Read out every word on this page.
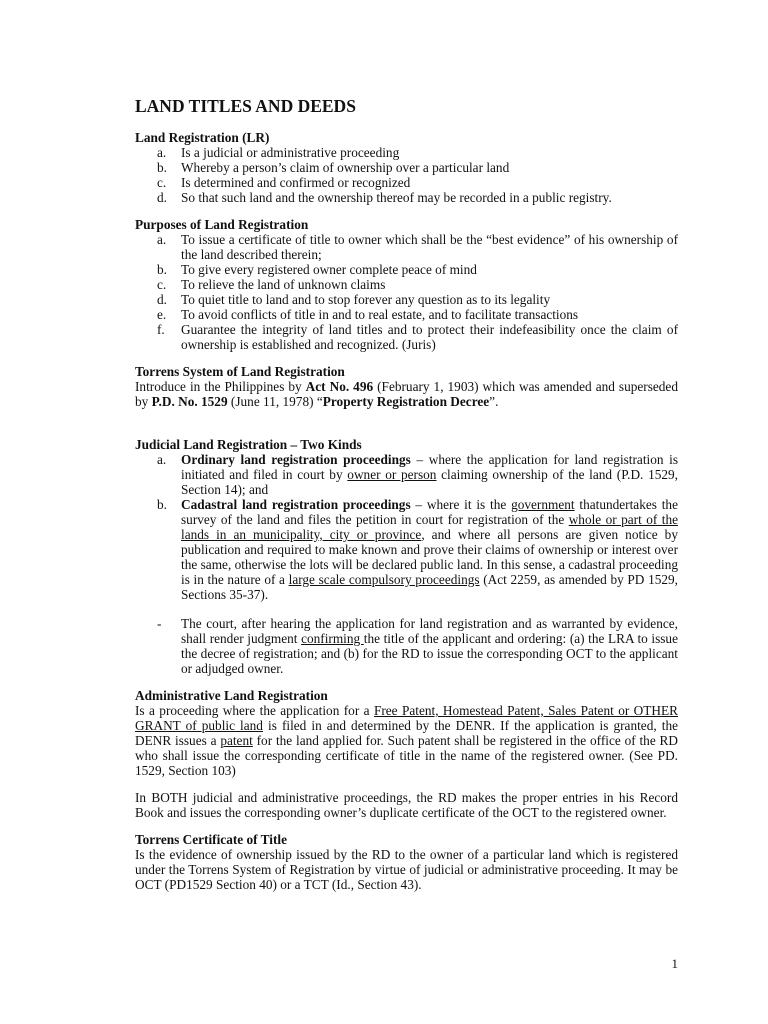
LAND TITLES AND DEEDS
Land Registration (LR)
a. Is a judicial or administrative proceeding
b. Whereby a person’s claim of ownership over a particular land
c. Is determined and confirmed or recognized
d. So that such land and the ownership thereof may be recorded in a public registry.
Purposes of Land Registration
a. To issue a certificate of title to owner which shall be the “best evidence” of his ownership of the land described therein;
b. To give every registered owner complete peace of mind
c. To relieve the land of unknown claims
d. To quiet title to land and to stop forever any question as to its legality
e. To avoid conflicts of title in and to real estate, and to facilitate transactions
f. Guarantee the integrity of land titles and to protect their indefeasibility once the claim of ownership is established and recognized. (Juris)
Torrens System of Land Registration

Introduce in the Philippines by Act No. 496 (February 1, 1903) which was amended and superseded by P.D. No. 1529 (June 11, 1978) “Property Registration Decree”.

Judicial Land Registration – Two Kinds
a. Ordinary land registration proceedings – where the application for land registration is initiated and filed in court by owner or person claiming ownership of the land (P.D. 1529, Section 14); and
b. Cadastral land registration proceedings – where it is the government thatundertakes the survey of the land and files the petition in court for registration of the whole or part of the lands in an municipality, city or province, and where all persons are given notice by publication and required to make known and prove their claims of ownership or interest over the same, otherwise the lots will be declared public land. In this sense, a cadastral proceeding is in the nature of a large scale compulsory proceedings (Act 2259, as amended by PD 1529, Sections 35-37).
- The court, after hearing the application for land registration and as warranted by evidence, shall render judgment confirming the title of the applicant and ordering: (a) the LRA to issue the decree of registration; and (b) for the RD to issue the corresponding OCT to the applicant or adjudged owner.
Administrative Land Registration

Is a proceeding where the application for a Free Patent, Homestead Patent, Sales Patent or OTHER GRANT of public land is filed in and determined by the DENR. If the application is granted, the DENR issues a patent for the land applied for. Such patent shall be registered in the office of the RD who shall issue the corresponding certificate of title in the name of the registered owner. (See PD. 1529, Section 103)

In BOTH judicial and administrative proceedings, the RD makes the proper entries in his Record Book and issues the corresponding owner’s duplicate certificate of the OCT to the registered owner.

Torrens Certificate of Title

Is the evidence of ownership issued by the RD to the owner of a particular land which is registered under the Torrens System of Registration by virtue of judicial or administrative proceeding. It may be OCT (PD1529 Section 40) or a TCT (Id., Section 43).

1
